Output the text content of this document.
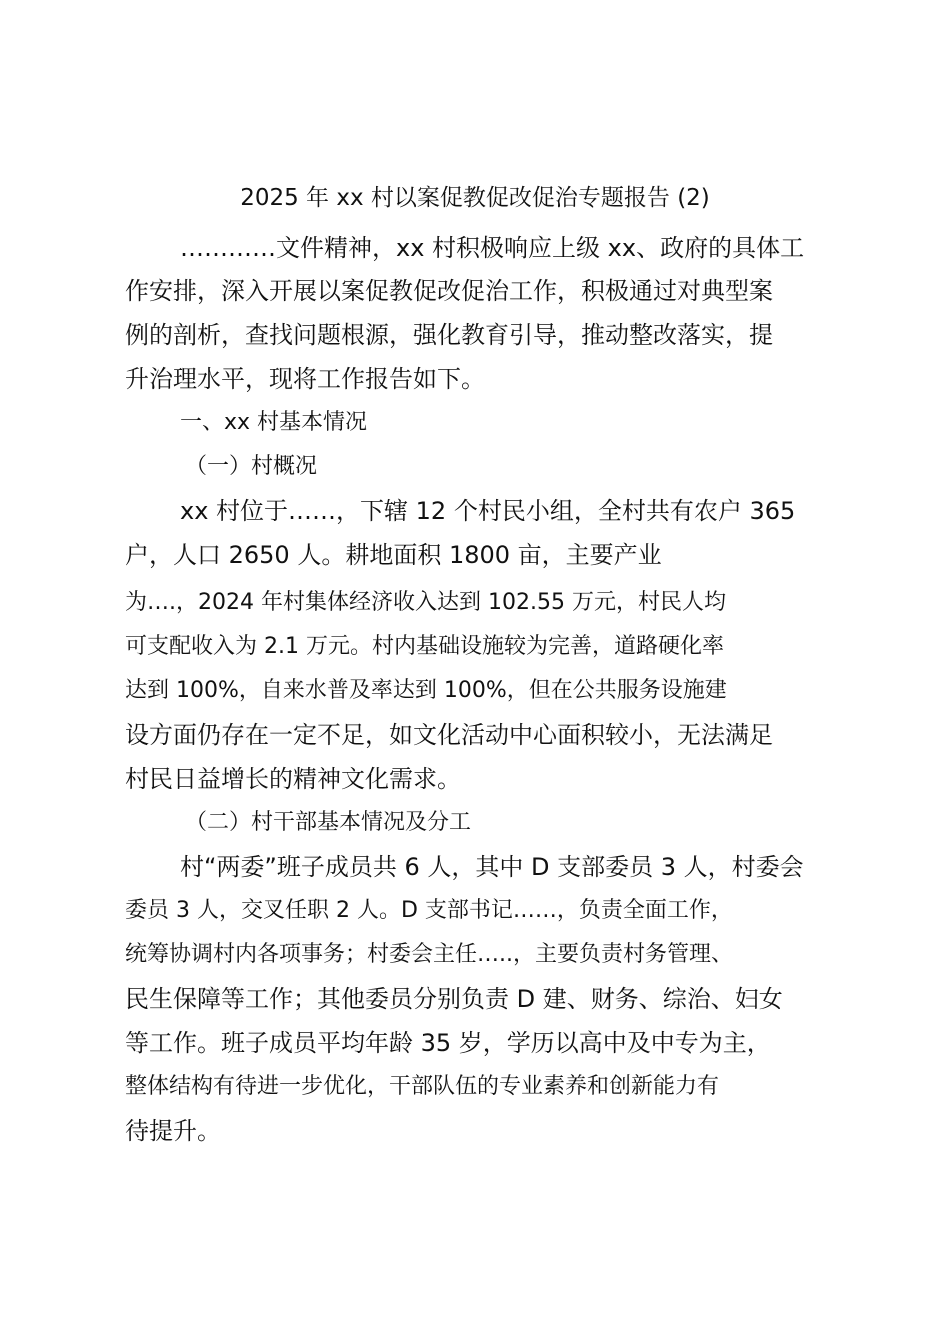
2025 年 xx 村以案促教促改促治专题报告 (2)
…………文件精神，xx 村积极响应上级 xx、政府的具体工
作安排，深入开展以案促教促改促治工作，积极通过对典型案
例的剖析，查找问题根源，强化教育引导，推动整改落实，提
升治理水平，现将工作报告如下。
一、xx 村基本情况
（一）村概况
xx 村位于……，下辖 12 个村民小组，全村共有农户 365
户，人口 2650 人。耕地面积 1800 亩，主要产业
为….，2024 年村集体经济收入达到 102.55 万元，村民人均
可支配收入为 2.1 万元。村内基础设施较为完善，道路硬化率
达到 100%，自来水普及率达到 100%，但在公共服务设施建
设方面仍存在一定不足，如文化活动中心面积较小，无法满足
村民日益增长的精神文化需求。
（二）村干部基本情况及分工
村“两委”班子成员共 6 人，其中 D 支部委员 3 人，村委会
委员 3 人，交叉任职 2 人。D 支部书记……，负责全面工作，
统筹协调村内各项事务；村委会主任…..，主要负责村务管理、
民生保障等工作；其他委员分别负责 D 建、财务、综治、妇女
等工作。班子成员平均年龄 35 岁，学历以高中及中专为主，
整体结构有待进一步优化，干部队伍的专业素养和创新能力有
待提升。
